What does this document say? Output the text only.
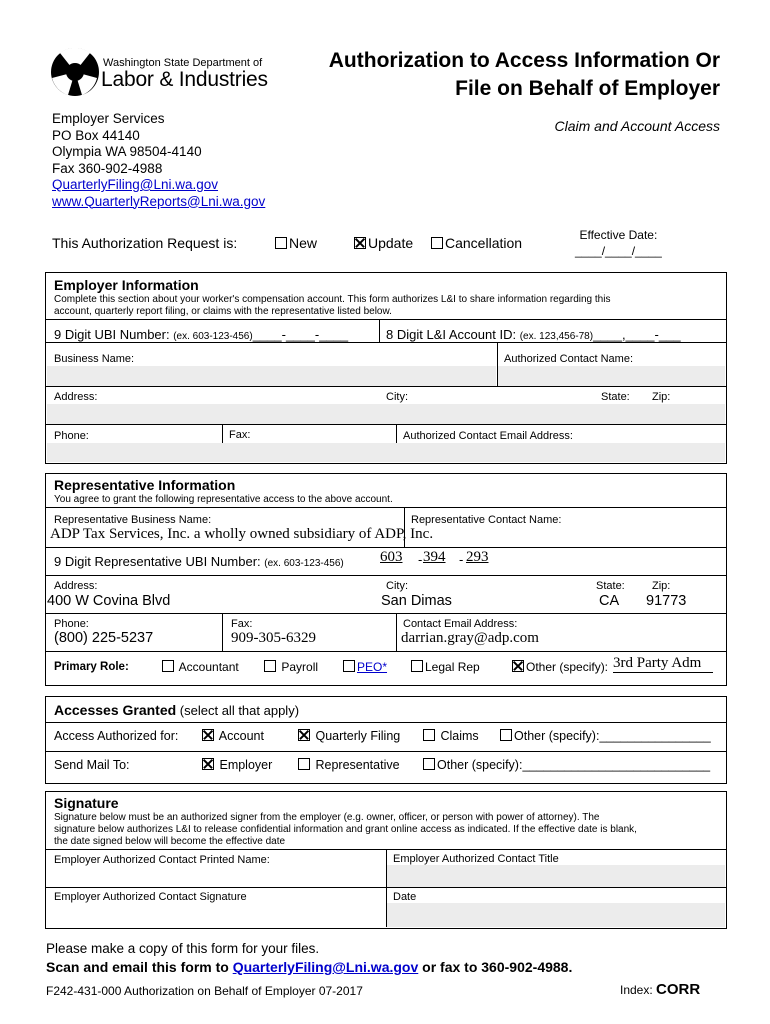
Washington State Department of
Labor & Industries
Authorization to Access Information Or
File on Behalf of Employer
Claim and Account Access
Employer Services
PO Box 44140
Olympia WA 98504-4140
Fax 360-902-4988
QuarterlyFiling@Lni.wa.gov
www.QuarterlyReports@Lni.wa.gov
This Authorization Request is:	New	Update	Cancellation	Effective Date:
____/____/____
Employer Information
Complete this section about your worker's compensation account. This form authorizes L&I to share information regarding this
account, quarterly report filing, or claims with the representative listed below.
9 Digit UBI Number: (ex. 603-123-456)____-____-____	8 Digit L&I Account ID: (ex. 123,456-78)____,____-___
Business Name:	Authorized Contact Name:
Address:	City:	State: Zip:
Phone:	Fax:	Authorized Contact Email Address:
Representative Information
You agree to grant the following representative access to the above account.
Representative Business Name:	Representative Contact Name:
ADP Tax Services, Inc. a wholly owned subsidiary of ADP, Inc.
9 Digit Representative UBI Number: (ex. 603-123-456) 603 - 394 - 293
Address:
400 W Covina Blvd
City:
San Dimas
State:
CA
Zip:
91773
Phone:
(800) 225-5237
Fax:
909-305-6329
Contact Email Address:
darrian.gray@adp.com
Primary Role:	Accountant	Payroll	PEO*	Legal Rep	Other (specify): 3rd Party Adm
Accesses Granted (select all that apply)
Access Authorized for:	Account	Quarterly Filing	Claims	Other (specify):________________
Send Mail To:	Employer	Representative	Other (specify):___________________________
Signature
Signature below must be an authorized signer from the employer (e.g. owner, officer, or person with power of attorney). The
signature below authorizes L&I to release confidential information and grant online access as indicated. If the effective date is blank,
the date signed below will become the effective date
Employer Authorized Contact Printed Name:	Employer Authorized Contact Title
Employer Authorized Contact Signature	Date
Please make a copy of this form for your files.
Scan and email this form to QuarterlyFiling@Lni.wa.gov or fax to 360-902-4988.
F242-431-000 Authorization on Behalf of Employer 07-2017	Index: CORR
